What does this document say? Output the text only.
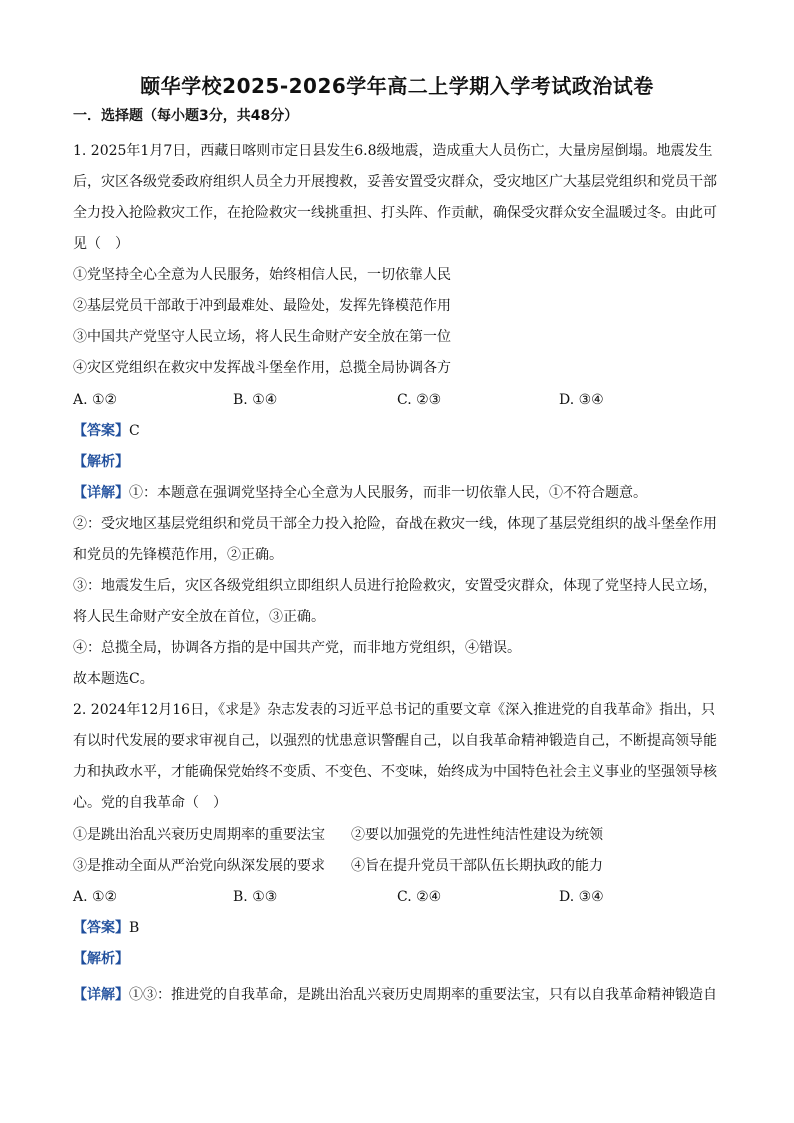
颐华学校2025-2026学年高二上学期入学考试政治试卷
一．选择题（每小题3分，共48分）
1. 2025年1月7日，西藏日喀则市定日县发生6.8级地震，造成重大人员伤亡，大量房屋倒塌。地震发生
后，灾区各级党委政府组织人员全力开展搜救，妥善安置受灾群众，受灾地区广大基层党组织和党员干部
全力投入抢险救灾工作，在抢险救灾一线挑重担、打头阵、作贡献，确保受灾群众安全温暖过冬。由此可
见（　）
①党坚持全心全意为人民服务，始终相信人民，一切依靠人民
②基层党员干部敢于冲到最难处、最险处，发挥先锋模范作用
③中国共产党坚守人民立场，将人民生命财产安全放在第一位
④灾区党组织在救灾中发挥战斗堡垒作用，总揽全局协调各方
A. ①②	B. ①④	C. ②③	D. ③④
【答案】C
【解析】
【详解】①：本题意在强调党坚持全心全意为人民服务，而非一切依靠人民，①不符合题意。
②：受灾地区基层党组织和党员干部全力投入抢险，奋战在救灾一线，体现了基层党组织的战斗堡垒作用
和党员的先锋模范作用，②正确。
③：地震发生后，灾区各级党组织立即组织人员进行抢险救灾，安置受灾群众，体现了党坚持人民立场，
将人民生命财产安全放在首位，③正确。
④：总揽全局，协调各方指的是中国共产党，而非地方党组织，④错误。
故本题选C。
2. 2024年12月16日，《求是》杂志发表的习近平总书记的重要文章《深入推进党的自我革命》指出，只
有以时代发展的要求审视自己，以强烈的忧患意识警醒自己，以自我革命精神锻造自己，不断提高领导能
力和执政水平，才能确保党始终不变质、不变色、不变味，始终成为中国特色社会主义事业的坚强领导核
心。党的自我革命（　）
①是跳出治乱兴衰历史周期率的重要法宝 ②要以加强党的先进性纯洁性建设为统领
③是推动全面从严治党向纵深发展的要求 ④旨在提升党员干部队伍长期执政的能力
A. ①②	B. ①③	C. ②④	D. ③④
【答案】B
【解析】
【详解】①③：推进党的自我革命，是跳出治乱兴衰历史周期率的重要法宝，只有以自我革命精神锻造自
